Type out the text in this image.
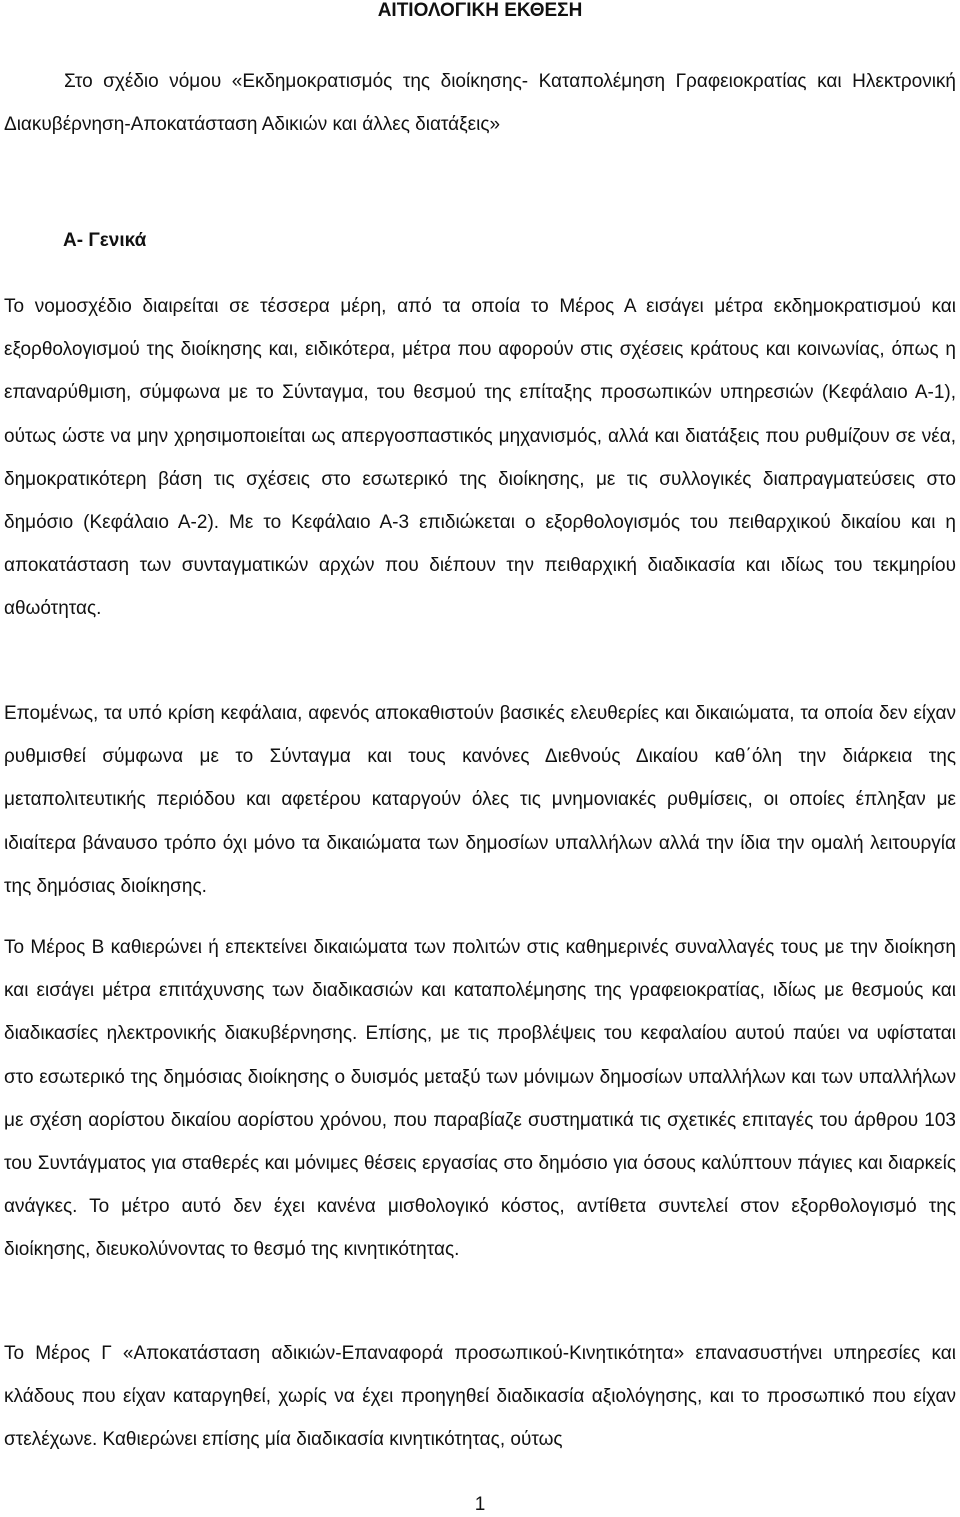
ΑΙΤΙΟΛΟΓΙΚΗ ΕΚΘΕΣΗ

Στο σχέδιο νόμου «Εκδημοκρατισμός της διοίκησης- Καταπολέμηση Γραφειοκρατίας και Ηλεκτρονική Διακυβέρνηση-Αποκατάσταση Αδικιών και άλλες διατάξεις»

Α- Γενικά

Το νομοσχέδιο διαιρείται σε τέσσερα μέρη, από τα οποία το Μέρος Α εισάγει μέτρα εκδημοκρατισμού και εξορθολογισμού της διοίκησης και, ειδικότερα, μέτρα που αφορούν στις σχέσεις κράτους και κοινωνίας, όπως η επαναρύθμιση, σύμφωνα με το Σύνταγμα, του θεσμού της επίταξης προσωπικών υπηρεσιών (Κεφάλαιο Α-1), ούτως ώστε να μην χρησιμοποιείται ως απεργοσπαστικός μηχανισμός, αλλά και διατάξεις που ρυθμίζουν σε νέα, δημοκρατικότερη βάση τις σχέσεις στο εσωτερικό της διοίκησης, με τις συλλογικές διαπραγματεύσεις στο δημόσιο (Κεφάλαιο Α-2). Με το Κεφάλαιο Α-3 επιδιώκεται ο εξορθολογισμός του πειθαρχικού δικαίου και η αποκατάσταση των συνταγματικών αρχών που διέπουν την πειθαρχική διαδικασία και ιδίως του τεκμηρίου αθωότητας.

Επομένως, τα υπό κρίση κεφάλαια, αφενός αποκαθιστούν βασικές ελευθερίες και δικαιώματα, τα οποία δεν είχαν ρυθμισθεί σύμφωνα με το Σύνταγμα και τους κανόνες Διεθνούς Δικαίου καθ΄όλη την διάρκεια της μεταπολιτευτικής περιόδου και αφετέρου καταργούν όλες τις μνημονιακές ρυθμίσεις, οι οποίες έπληξαν με ιδιαίτερα βάναυσο τρόπο όχι μόνο τα δικαιώματα των δημοσίων υπαλλήλων αλλά την ίδια την ομαλή λειτουργία της δημόσιας διοίκησης.

Το Μέρος Β καθιερώνει ή επεκτείνει δικαιώματα των πολιτών στις καθημερινές συναλλαγές τους με την διοίκηση και εισάγει μέτρα επιτάχυνσης των διαδικασιών και καταπολέμησης της γραφειοκρατίας, ιδίως με θεσμούς και διαδικασίες ηλεκτρονικής διακυβέρνησης. Επίσης, με τις προβλέψεις του κεφαλαίου αυτού παύει να υφίσταται στο εσωτερικό της δημόσιας διοίκησης ο δυισμός μεταξύ των μόνιμων δημοσίων υπαλλήλων και των υπαλλήλων με σχέση αορίστου δικαίου αορίστου χρόνου, που παραβίαζε συστηματικά τις σχετικές επιταγές του άρθρου 103 του Συντάγματος για σταθερές και μόνιμες θέσεις εργασίας στο δημόσιο για όσους καλύπτουν πάγιες και διαρκείς ανάγκες. Το μέτρο αυτό δεν έχει κανένα μισθολογικό κόστος, αντίθετα συντελεί στον εξορθολογισμό της διοίκησης, διευκολύνοντας το θεσμό της κινητικότητας.

Το Μέρος Γ «Αποκατάσταση αδικιών-Επαναφορά προσωπικού-Κινητικότητα» επανασυστήνει υπηρεσίες και κλάδους που είχαν καταργηθεί, χωρίς να έχει προηγηθεί διαδικασία αξιολόγησης, και το προσωπικό που είχαν στελέχωνε. Καθιερώνει επίσης μία διαδικασία κινητικότητας, ούτως

1
